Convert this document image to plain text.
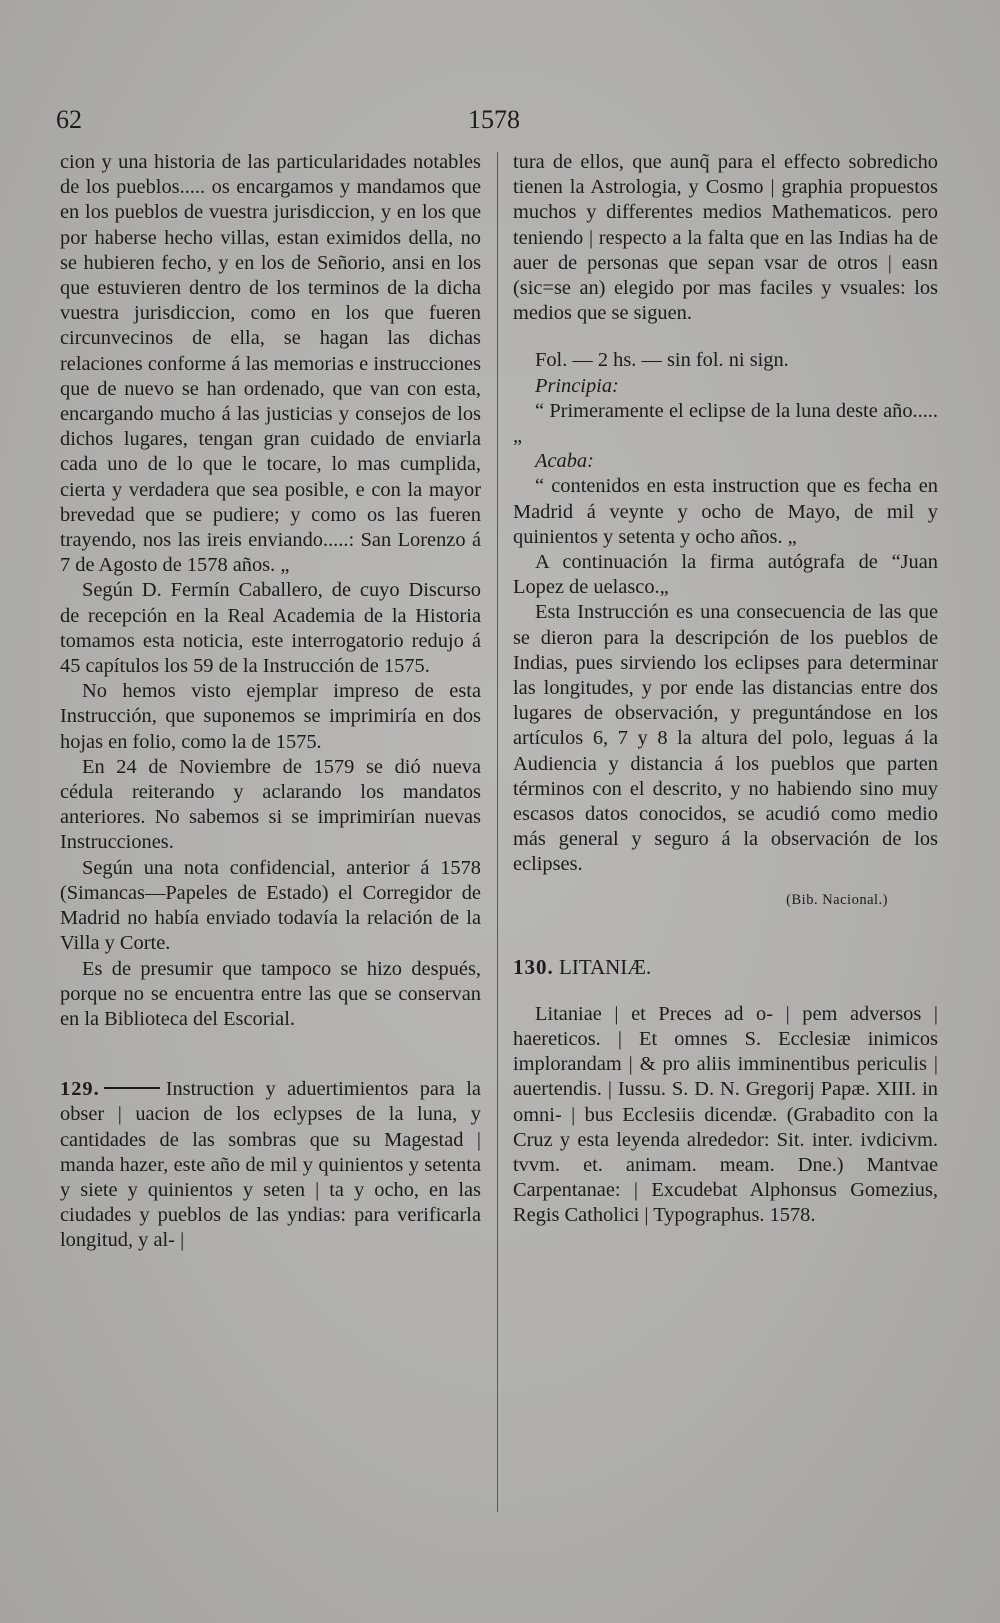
62	1578

cion y una historia de las particularidades notables de los pueblos..... os encargamos y mandamos que en los pueblos de vuestra jurisdiccion, y en los que por haberse hecho villas, estan eximidos della, no se hubieren fecho, y en los de Señorio, ansi en los que estuvieren dentro de los terminos de la dicha vuestra jurisdiccion, como en los que fueren circunvecinos de ella, se hagan las dichas relaciones conforme á las memorias e instrucciones que de nuevo se han ordenado, que van con esta, encargando mucho á las justicias y consejos de los dichos lugares, tengan gran cuidado de enviarla cada uno de lo que le tocare, lo mas cumplida, cierta y verdadera que sea posible, e con la mayor brevedad que se pudiere; y como os las fueren trayendo, nos las ireis enviando.....: San Lorenzo á 7 de Agosto de 1578 años. „

Según D. Fermín Caballero, de cuyo Discurso de recepción en la Real Academia de la Historia tomamos esta noticia, este interrogatorio redujo á 45 capítulos los 59 de la Instrucción de 1575.

No hemos visto ejemplar impreso de esta Instrucción, que suponemos se imprimiría en dos hojas en folio, como la de 1575.

En 24 de Noviembre de 1579 se dió nueva cédula reiterando y aclarando los mandatos anteriores. No sabemos si se imprimirían nuevas Instrucciones.

Según una nota confidencial, anterior á 1578 (Simancas—Papeles de Estado) el Corregidor de Madrid no había enviado todavía la relación de la Villa y Corte.

Es de presumir que tampoco se hizo después, porque no se encuentra entre las que se conservan en la Biblioteca del Escorial.

129.	Instruction y aduertimientos para la obser | uacion de los eclypses de la luna, y cantidades de las sombras que su Magestad | manda hazer, este año de mil y quinientos y setenta y siete y quinientos y seten | ta y ocho, en las ciudades y pueblos de las yndias: para verificarla longitud, y al- |

tura de ellos, que aunq̃ para el effecto sobredicho tienen la Astrologia, y Cosmo | graphia propuestos muchos y differentes medios Mathematicos. pero teniendo | respecto a la falta que en las Indias ha de auer de personas que sepan vsar de otros | easn (sic=se an) elegido por mas faciles y vsuales: los medios que se siguen.

Fol. — 2 hs. — sin fol. ni sign.

Principia:

“ Primeramente el eclipse de la luna deste año..... „

Acaba:

“ contenidos en esta instruction que es fecha en Madrid á veynte y ocho de Mayo, de mil y quinientos y setenta y ocho años. „

A continuación la firma autógrafa de “Juan Lopez de uelasco.„

Esta Instrucción es una consecuencia de las que se dieron para la descripción de los pueblos de Indias, pues sirviendo los eclipses para determinar las longitudes, y por ende las distancias entre dos lugares de observación, y preguntándose en los artículos 6, 7 y 8 la altura del polo, leguas á la Audiencia y distancia á los pueblos que parten términos con el descrito, y no habiendo sino muy escasos datos conocidos, se acudió como medio más general y seguro á la observación de los eclipses.

(Bib. Nacional.)

130. LITANIÆ.

Litaniae | et Preces ad o- | pem adversos | haereticos. | Et omnes S. Ecclesiæ inimicos implorandam | & pro aliis imminentibus periculis | auertendis. | Iussu. S. D. N. Gregorij Papæ. XIII. in omni- | bus Ecclesiis dicendæ. (Grabadito con la Cruz y esta leyenda alrededor: Sit. inter. ivdicivm. tvvm. et. animam. meam. Dne.) Mantvae Carpentanae: | Excudebat Alphonsus Gomezius, Regis Catholici | Typographus. 1578.
